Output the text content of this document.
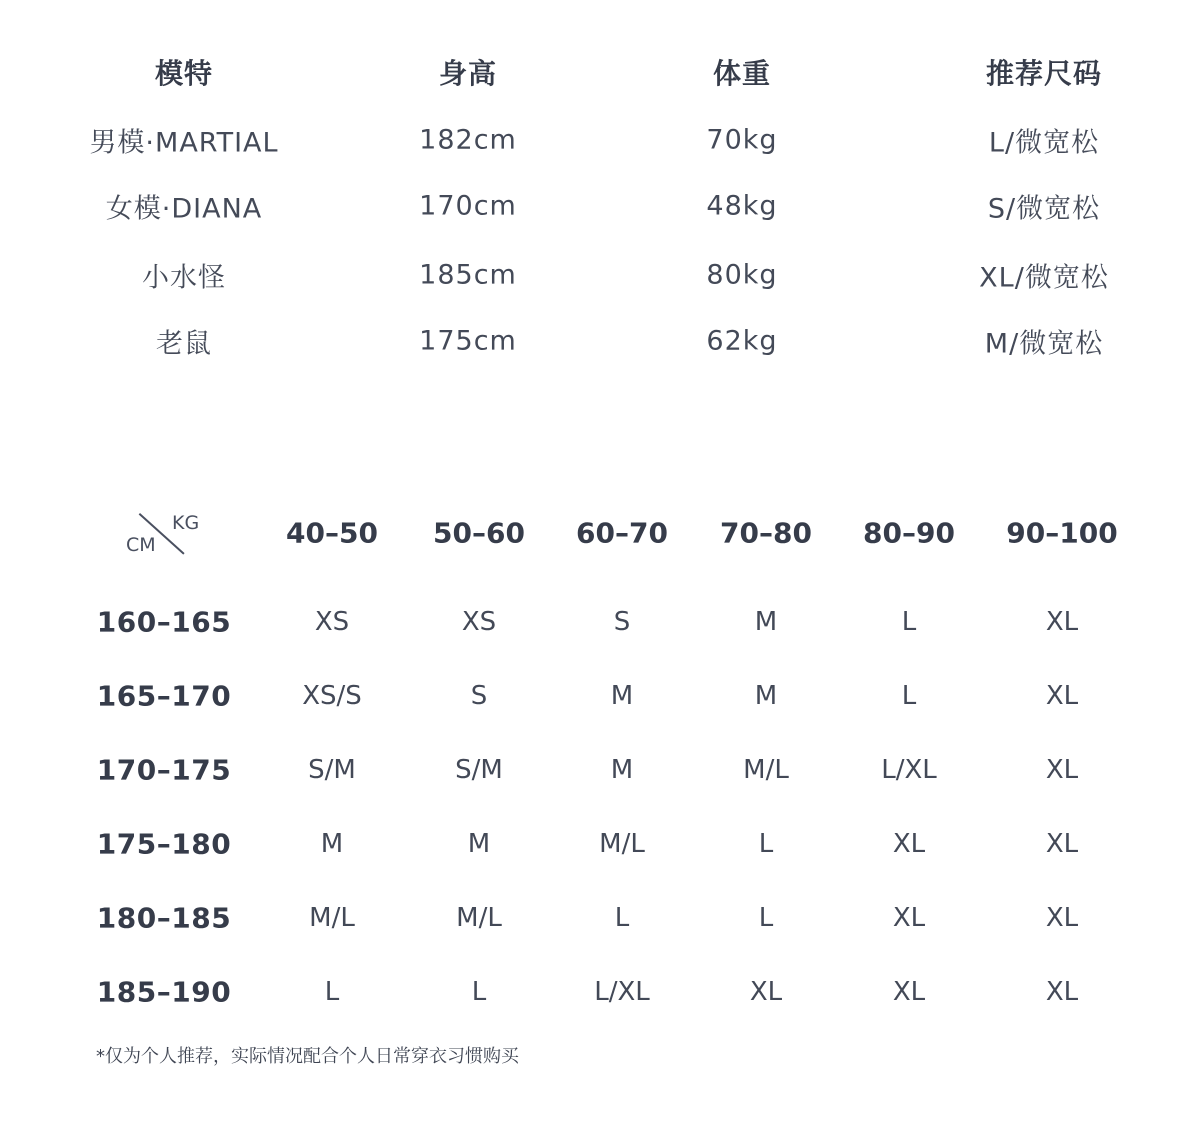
模特	身高	体重	推荐尺码
男模·MARTIAL	182cm	70kg	L/微宽松
女模·DIANA	170cm	48kg	S/微宽松
小水怪	185cm	80kg	XL/微宽松
老鼠	175cm	62kg	M/微宽松
KG
CM	40–50 50–60 60–70 70–80 80–90 90–100
160–165	XS	XS	S	M	L	XL
165–170	XS/S	S	M	M	L	XL
170–175	S/M	S/M	M	M/L	L/XL	XL
175–180	M	M	M/L	L	XL	XL
180–185	M/L	M/L	L	L	XL	XL
185–190	L	L	L/XL	XL	XL	XL
*仅为个人推荐，实际情况配合个人日常穿衣习惯购买
